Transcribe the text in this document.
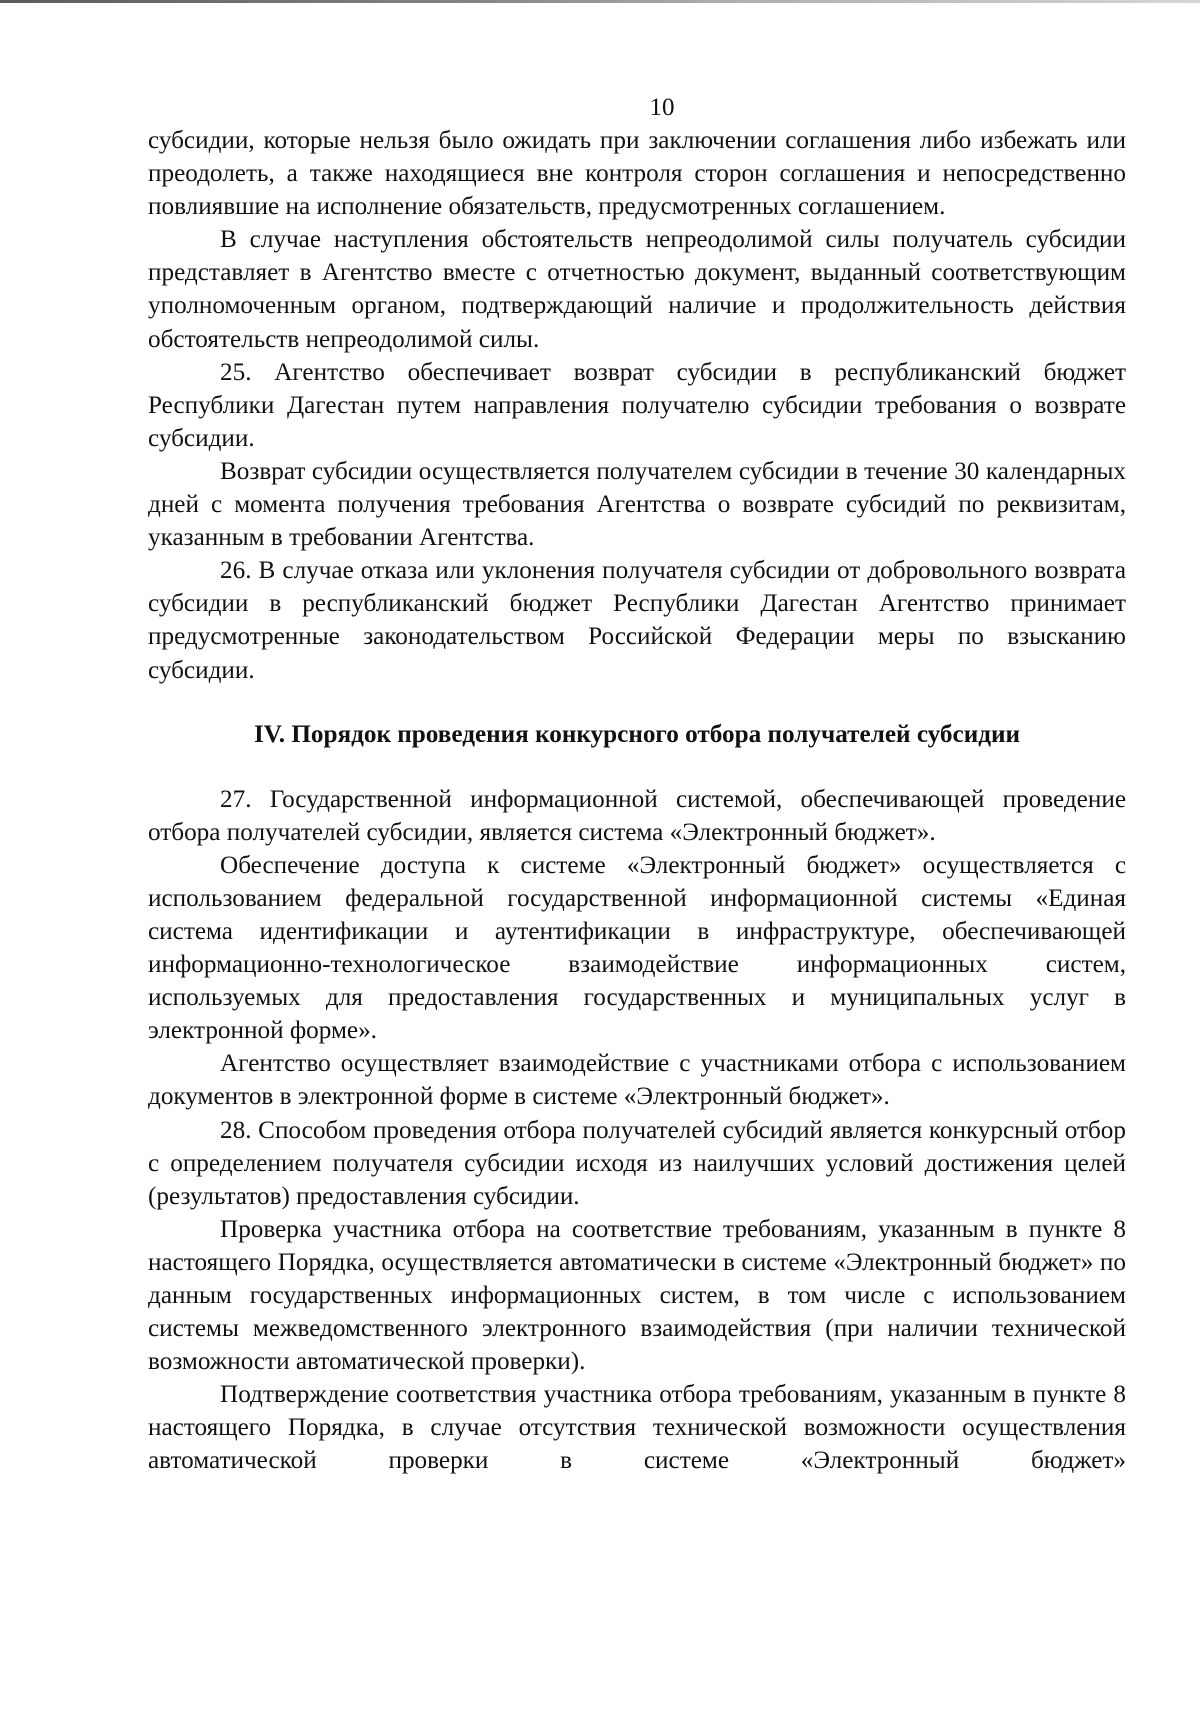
10

субсидии, которые нельзя было ожидать при заключении соглашения либо избежать или преодолеть, а также находящиеся вне контроля сторон соглашения и непосредственно повлиявшие на исполнение обязательств, предусмотренных соглашением.

В случае наступления обстоятельств непреодолимой силы получатель субсидии представляет в Агентство вместе с отчетностью документ, выданный соответствующим уполномоченным органом, подтверждающий наличие и продолжительность действия обстоятельств непреодолимой силы.

25. Агентство обеспечивает возврат субсидии в республиканский бюджет Республики Дагестан путем направления получателю субсидии требования о возврате субсидии.

Возврат субсидии осуществляется получателем субсидии в течение 30 календарных дней с момента получения требования Агентства о возврате субсидий по реквизитам, указанным в требовании Агентства.

26. В случае отказа или уклонения получателя субсидии от добровольного возврата субсидии в республиканский бюджет Республики Дагестан Агентство принимает предусмотренные законодательством Российской Федерации меры по взысканию субсидии.

IV. Порядок проведения конкурсного отбора получателей субсидии

27. Государственной информационной системой, обеспечивающей проведение отбора получателей субсидии, является система «Электронный бюджет».

Обеспечение доступа к системе «Электронный бюджет» осуществляется с использованием федеральной государственной информационной системы «Единая система идентификации и аутентификации в инфраструктуре, обеспечивающей информационно-технологическое взаимодействие информационных систем, используемых для предоставления государственных и муниципальных услуг в электронной форме».

Агентство осуществляет взаимодействие с участниками отбора с использованием документов в электронной форме в системе «Электронный бюджет».

28. Способом проведения отбора получателей субсидий является конкурсный отбор с определением получателя субсидии исходя из наилучших условий достижения целей (результатов) предоставления субсидии.

Проверка участника отбора на соответствие требованиям, указанным в пункте 8 настоящего Порядка, осуществляется автоматически в системе «Электронный бюджет» по данным государственных информационных систем, в том числе с использованием системы межведомственного электронного взаимодействия (при наличии технической возможности автоматической проверки).

Подтверждение соответствия участника отбора требованиям, указанным в пункте 8 настоящего Порядка, в случае отсутствия технической возможности осуществления автоматической проверки в системе «Электронный бюджет»
